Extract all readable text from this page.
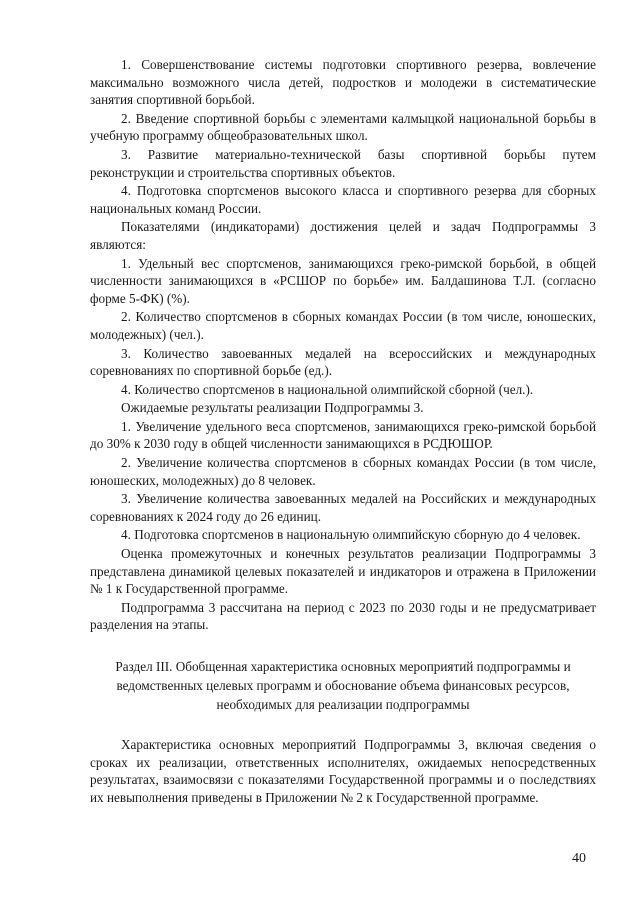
1. Совершенствование системы подготовки спортивного резерва, вовлечение максимально возможного числа детей, подростков и молодежи в систематические занятия спортивной борьбой.

2. Введение спортивной борьбы с элементами калмыцкой национальной борьбы в учебную программу общеобразовательных школ.

3. Развитие материально-технической базы спортивной борьбы путем реконструкции и строительства спортивных объектов.

4. Подготовка спортсменов высокого класса и спортивного резерва для сборных национальных команд России.

Показателями (индикаторами) достижения целей и задач Подпрограммы 3 являются:

1. Удельный вес спортсменов, занимающихся греко-римской борьбой, в общей численности занимающихся в «РСШОР по борьбе» им. Балдашинова Т.Л. (согласно форме 5-ФК) (%).

2. Количество спортсменов в сборных командах России (в том числе, юношеских, молодежных) (чел.).

3. Количество завоеванных медалей на всероссийских и международных соревнованиях по спортивной борьбе (ед.).

4. Количество спортсменов в национальной олимпийской сборной (чел.).

Ожидаемые результаты реализации Подпрограммы 3.

1. Увеличение удельного веса спортсменов, занимающихся греко-римской борьбой до 30% к 2030 году в общей численности занимающихся в РСДЮШОР.

2. Увеличение количества спортсменов в сборных командах России (в том числе, юношеских, молодежных) до 8 человек.

3. Увеличение количества завоеванных медалей на Российских и международных соревнованиях к 2024 году до 26 единиц.

4. Подготовка спортсменов в национальную олимпийскую сборную до 4 человек.

Оценка промежуточных и конечных результатов реализации Подпрограммы 3 представлена динамикой целевых показателей и индикаторов и отражена в Приложении № 1 к Государственной программе.

Подпрограмма 3 рассчитана на период с 2023 по 2030 годы и не предусматривает разделения на этапы.

Раздел III. Обобщенная характеристика основных мероприятий подпрограммы и ведомственных целевых программ и обоснование объема финансовых ресурсов, необходимых для реализации подпрограммы

Характеристика основных мероприятий Подпрограммы 3, включая сведения о сроках их реализации, ответственных исполнителях, ожидаемых непосредственных результатах, взаимосвязи с показателями Государственной программы и о последствиях их невыполнения приведены в Приложении № 2 к Государственной программе.

40
